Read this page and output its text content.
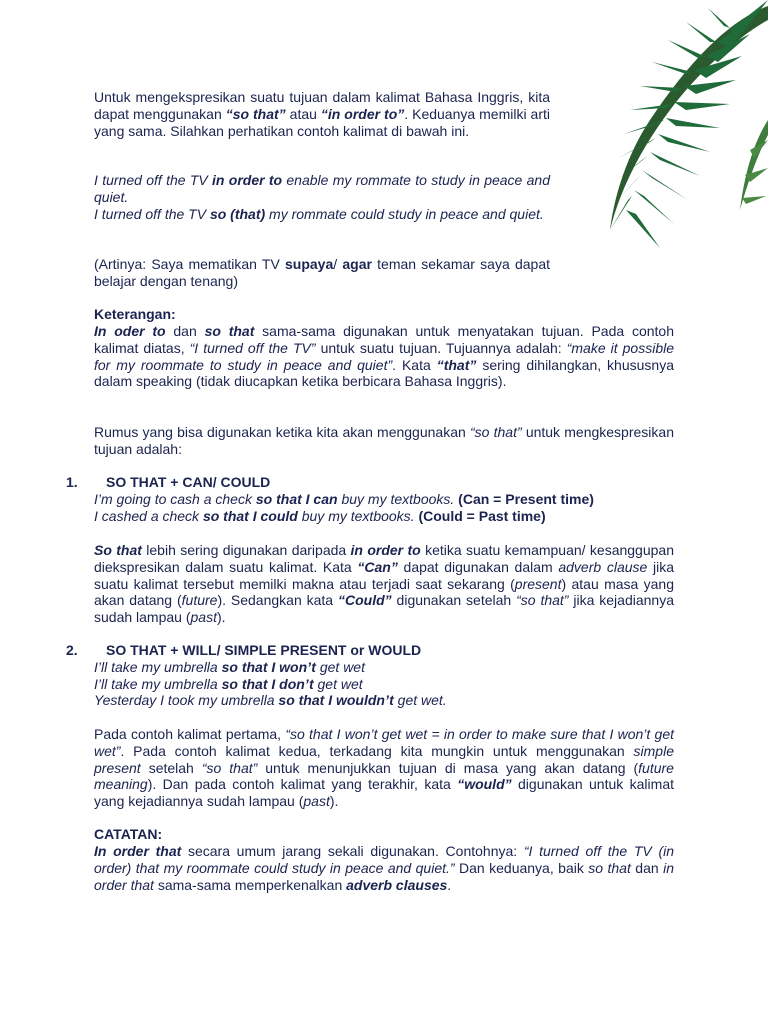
Untuk mengekspresikan suatu tujuan dalam kalimat Bahasa Inggris, kita dapat menggunakan “so that” atau “in order to”. Keduanya memilki arti yang sama. Silahkan perhatikan contoh kalimat di bawah ini.

I turned off the TV in order to enable my rommate to study in peace and quiet.

I turned off the TV so (that) my rommate could study in peace and quiet.

(Artinya: Saya mematikan TV supaya/ agar teman sekamar saya dapat belajar dengan tenang)

Keterangan:

In oder to dan so that sama-sama digunakan untuk menyatakan tujuan. Pada contoh kalimat diatas, “I turned off the TV” untuk suatu tujuan. Tujuannya adalah: “make it possible for my roommate to study in peace and quiet”. Kata “that” sering dihilangkan, khususnya dalam speaking (tidak diucapkan ketika berbicara Bahasa Inggris).

Rumus yang bisa digunakan ketika kita akan menggunakan “so that” untuk mengkespresikan tujuan adalah:

1. SO THAT + CAN/ COULD

I’m going to cash a check so that I can buy my textbooks. (Can = Present time)

I cashed a check so that I could buy my textbooks. (Could = Past time)

So that lebih sering digunakan daripada in order to ketika suatu kemampuan/ kesanggupan diekspresikan dalam suatu kalimat. Kata “Can” dapat digunakan dalam adverb clause jika suatu kalimat tersebut memilki makna atau terjadi saat sekarang (present) atau masa yang akan datang (future). Sedangkan kata “Could” digunakan setelah “so that” jika kejadiannya sudah lampau (past).

2. SO THAT + WILL/ SIMPLE PRESENT or WOULD

I’ll take my umbrella so that I won’t get wet

I’ll take my umbrella so that I don’t get wet

Yesterday I took my umbrella so that I wouldn’t get wet.

Pada contoh kalimat pertama, “so that I won’t get wet = in order to make sure that I won’t get wet”. Pada contoh kalimat kedua, terkadang kita mungkin untuk menggunakan simple present setelah “so that” untuk menunjukkan tujuan di masa yang akan datang (future meaning). Dan pada contoh kalimat yang terakhir, kata “would” digunakan untuk kalimat yang kejadiannya sudah lampau (past).

CATATAN:

In order that secara umum jarang sekali digunakan. Contohnya: “I turned off the TV (in order) that my roommate could study in peace and quiet.” Dan keduanya, baik so that dan in order that sama-sama memperkenalkan adverb clauses.
